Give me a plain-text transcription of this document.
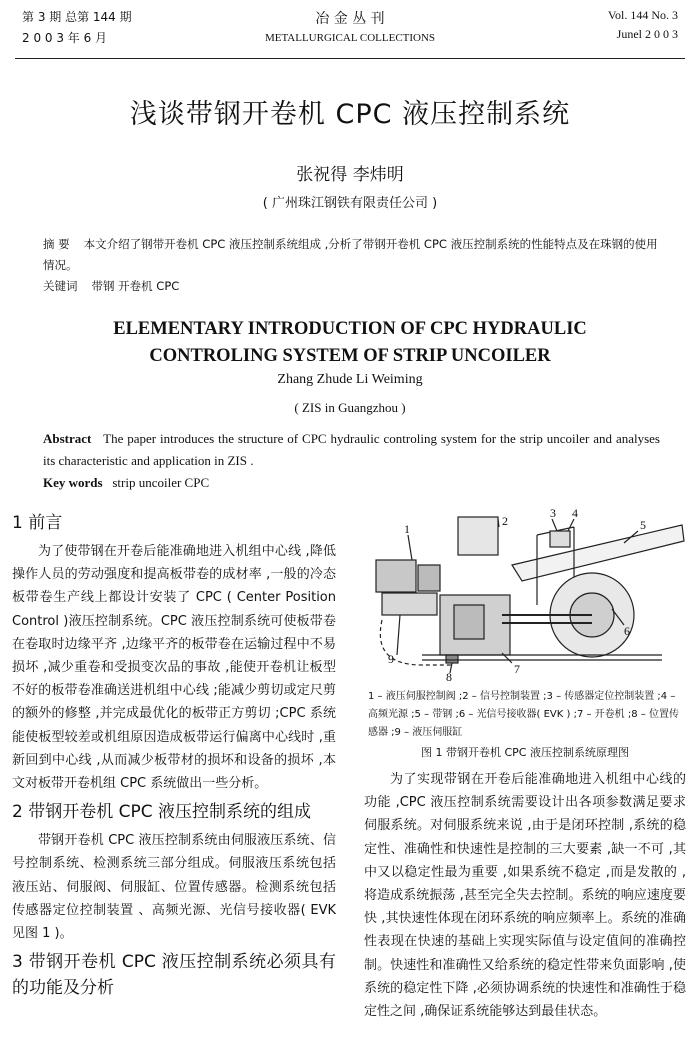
第 3 期 总第 144 期
2 0 0 3 年 6 月
冶 金 丛 刊
METALLURGICAL COLLECTIONS
Vol. 144 No. 3
Junel 2 0 0 3
浅谈带钢开卷机 CPC 液压控制系统
张祝得 李炜明
( 广州珠江钢铁有限责任公司 )
摘 要 本文介绍了钢带开卷机 CPC 液压控制系统组成 ,分析了带钢开卷机 CPC 液压控制系统的性能特点及在珠钢的使用情况。
关键词 带钢 开卷机 CPC
ELEMENTARY INTRODUCTION OF CPC HYDRAULIC
CONTROLING SYSTEM OF STRIP UNCOILER
Zhang Zhude Li Weiming
( ZIS in Guangzhou )
Abstract The paper introduces the structure of CPC hydraulic controling system for the strip uncoiler and analyses its characteristic and application in ZIS .
Key words strip uncoiler CPC
1 前言

为了使带钢在开卷后能准确地进入机组中心线 ,降低操作人员的劳动强度和提高板带卷的成材率 ,一般的冷态板带卷生产线上都设计安装了 CPC ( Center Position Control )液压控制系统。CPC 液压控制系统可使板带卷在卷取时边缘平齐 ,边缘平齐的板带卷在运输过程中不易损坏 ,减少重卷和受损变次品的事故 ,能使开卷机让板型不好的板带卷准确送进机组中心线 ;能减少剪切或定尺剪的额外的修整 ,并完成最优化的板带正方剪切 ;CPC 系统能使板型较差或机组原因造成板带运行偏离中心线时 ,重新回到中心线 ,从而减少板带材的损坏和设备的损坏 ,本文对板带开卷机组 CPC 系统做出一些分析。

2 带钢开卷机 CPC 液压控制系统的组成

带钢开卷机 CPC 液压控制系统由伺服液压系统、信号控制系统、检测系统三部分组成。伺服液压系统包括液压站、伺服阀、伺服缸、位置传感器。检测系统包括传感器定位控制装置 、高频光源、光信号接收器( EVK 见图 1 )。

3 带钢开卷机 CPC 液压控制系统必须具有的功能及分析
1
2
3 4
5
6
7
8
9
1 – 液压伺服控制阀 ;2 – 信号控制装置 ;3 – 传感器定位控制装置 ;4 – 高频光源 ;5 – 带钢 ;6 – 光信号接收器( EVK ) ;7 – 开卷机 ;8 – 位置传感器 ;9 – 液压伺服缸
图 1 带钢开卷机 CPC 液压控制系统原理图

为了实现带钢在开卷后能准确地进入机组中心线的功能 ,CPC 液压控制系统需要设计出各项参数满足要求伺服系统。对伺服系统来说 ,由于是闭环控制 ,系统的稳定性、准确性和快速性是控制的三大要素 ,缺一不可 ,其中又以稳定性最为重要 ,如果系统不稳定 ,而是发散的 ,将造成系统振荡 ,甚至完全失去控制。系统的响应速度要快 ,其快速性体现在闭环系统的响应频率上。系统的准确性表现在快速的基础上实现实际值与设定值间的准确控制。快速性和准确性又给系统的稳定性带来负面影响 ,使系统的稳定性下降 ,必须协调系统的快速性和准确性于稳定性之间 ,确保证系统能够达到最佳状态。
